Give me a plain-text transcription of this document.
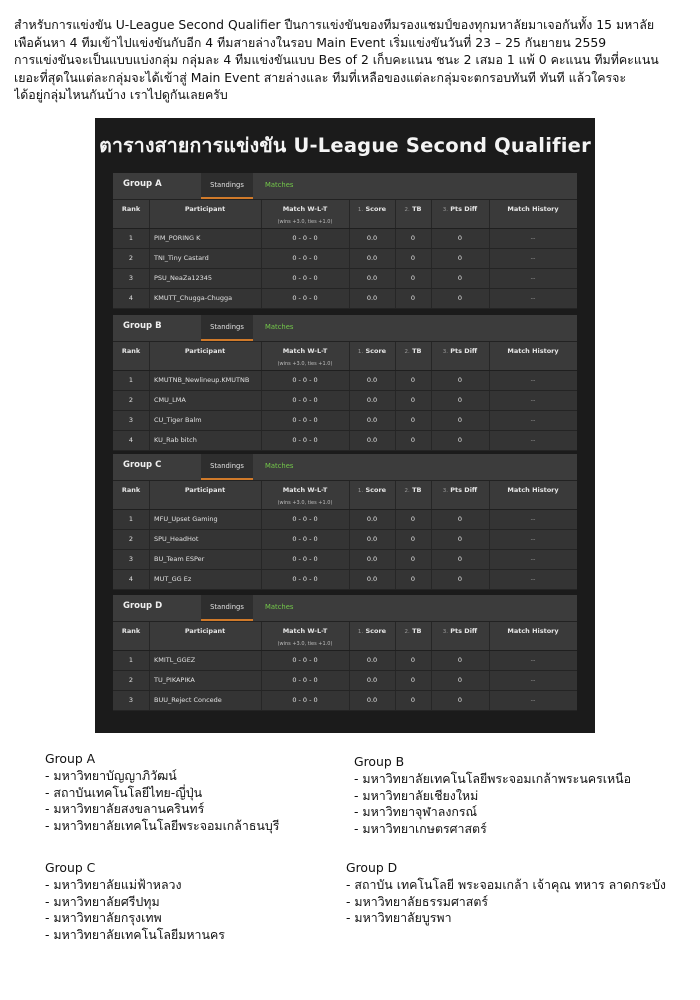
สำหรับการแข่งขัน U-League Second Qualifier ปืนการแข่งขันของทีมรองแชมป์ของทุกมหาลัยมาเจอกันทั้ง 15 มหาลัย
เพือค้นหา 4 ทีมเข้าไปแข่งขันกับอีก 4 ทีมสายล่างในรอบ Main Event เริ่มแข่งขันวันที่ 23 – 25 กันยายน 2559
การแข่งขันจะเป็นแบบแบ่งกลุ่ม กลุ่มละ 4 ทีมแข่งขันแบบ Bes of 2 เก็บคะแนน ชนะ 2 เสมอ 1 แพ้ 0 คะแนน ทีมที่คะแนน
เยอะที่สุดในแต่ละกลุ่มจะได้เข้าสู่ Main Event สายล่างและ ทีมที่เหลือของแต่ละกลุ่มจะตกรอบทันที ทันที แล้วใครจะ
ได้อยู่กลุ่มไหนกันบ้าง เราไปดูกันเลยครับ
ตารางสายการแข่งขัน U-League Second Qualifier
Group A	Standings	Matches
Rank	Participant	Match W-L-T
(wins +3.0, ties +1.0)
1. Score	2. TB	3. Pts Diff	Match History
1	PIM_PORING K	0 - 0 - 0	0.0	0	0	--
2	TNI_Tiny Castard	0 - 0 - 0	0.0	0	0	--
3	PSU_NeaZa12345	0 - 0 - 0	0.0	0	0	--
4	KMUTT_Chugga-Chugga	0 - 0 - 0	0.0	0	0	--
Group B	Standings	Matches
Rank	Participant	Match W-L-T
(wins +3.0, ties +1.0)
1. Score	2. TB	3. Pts Diff	Match History
1	KMUTNB_Newlineup.KMUTNB	0 - 0 - 0	0.0	0	0	--
2	CMU_LMA	0 - 0 - 0	0.0	0	0	--
3	CU_Tiger Balm	0 - 0 - 0	0.0	0	0	--
4	KU_Rab bitch	0 - 0 - 0	0.0	0	0	--
Group C	Standings	Matches
Rank	Participant	Match W-L-T
(wins +3.0, ties +1.0)
1. Score	2. TB	3. Pts Diff	Match History
1	MFU_Upset Gaming	0 - 0 - 0	0.0	0	0	--
2	SPU_HeadHot	0 - 0 - 0	0.0	0	0	--
3	BU_Team ESPer	0 - 0 - 0	0.0	0	0	--
4	MUT_GG Ez	0 - 0 - 0	0.0	0	0	--
Group D	Standings	Matches
Rank	Participant	Match W-L-T
(wins +3.0, ties +1.0)
1. Score	2. TB	3. Pts Diff	Match History
1	KMITL_GGEZ	0 - 0 - 0	0.0	0	0	--
2	TU_PIKAPIKA	0 - 0 - 0	0.0	0	0	--
3	BUU_Reject Concede	0 - 0 - 0	0.0	0	0	--
Group A
- มหาวิทยาบัญญาภิวัฒน์
- สถาบันเทคโนโลยีไทย-ญี่ปุ่น
- มหาวิทยาลัยสงขลานครินทร์
- มหาวิทยาลัยเทคโนโลยีพระจอมเกล้าธนบุรี
Group B
- มหาวิทยาลัยเทคโนโลยีพระจอมเกล้าพระนครเหนือ
- มหาวิทยาลัยเชียงใหม่
- มหาวิทยาจุฬาลงกรณ์
- มหาวิทยาเกษตรศาสตร์
Group C
- มหาวิทยาลัยแม่ฟ้าหลวง
- มหาวิทยาลัยศรีปทุม
- มหาวิทยาลัยกรุงเทพ
- มหาวิทยาลัยเทคโนโลยีมหานคร
Group D
- สถาบัน เทคโนโลยี พระจอมเกล้า เจ้าคุณ ทหาร ลาดกระบัง
- มหาวิทยาลัยธรรมศาสตร์
- มหาวิทยาลัยบูรพา
